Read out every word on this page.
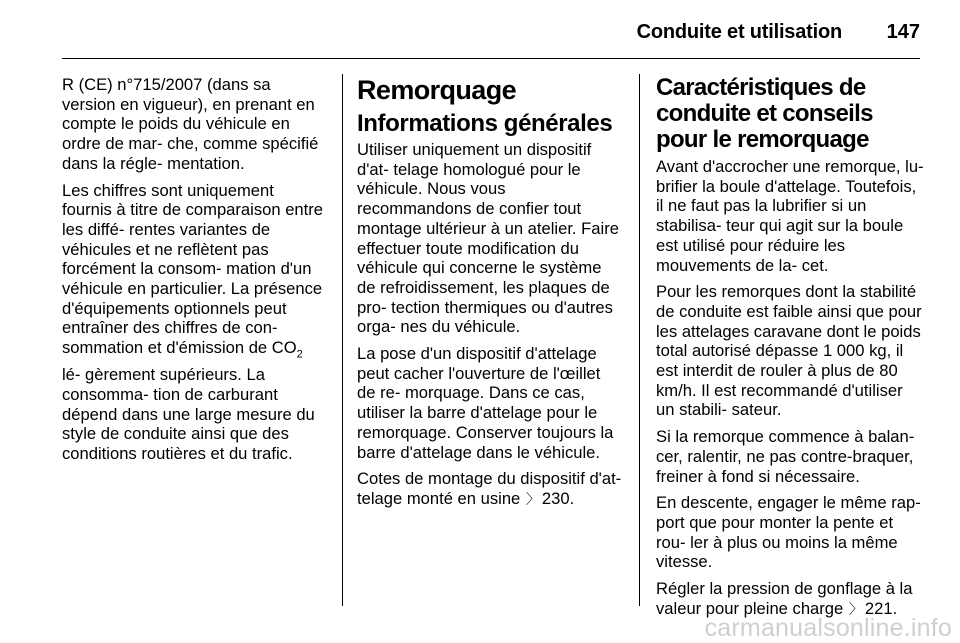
Conduite et utilisation 147

R (CE) n°715/2007 (dans sa version en vigueur), en prenant en compte le poids du véhicule en ordre de mar- che, comme spécifié dans la régle- mentation.

Les chiffres sont uniquement fournis à titre de comparaison entre les diffé- rentes variantes de véhicules et ne reflètent pas forcément la consom- mation d'un véhicule en particulier. La présence d'équipements optionnels peut entraîner des chiffres de con- sommation et d'émission de $CO_2$ lé- gèrement supérieurs. La consomma- tion de carburant dépend dans une large mesure du style de conduite ainsi que des conditions routières et du trafic.

Remorquage
Informations générales

Utiliser uniquement un dispositif d'at- telage homologué pour le véhicule. Nous vous recommandons de confier tout montage ultérieur à un atelier. Faire effectuer toute modification du véhicule qui concerne le système de refroidissement, les plaques de pro- tection thermiques ou d'autres orga- nes du véhicule.

La pose d'un dispositif d'attelage peut cacher l'ouverture de l'œillet de re- morquage. Dans ce cas, utiliser la barre d'attelage pour le remorquage. Conserver toujours la barre d'attelage dans le véhicule.

Cotes de montage du dispositif d'at- telage monté en usine 〉 230.

Caractéristiques de conduite et conseils pour le remorquage

Avant d'accrocher une remorque, lu- brifier la boule d'attelage. Toutefois, il ne faut pas la lubrifier si un stabilisa- teur qui agit sur la boule est utilisé pour réduire les mouvements de la- cet.

Pour les remorques dont la stabilité de conduite est faible ainsi que pour les attelages caravane dont le poids total autorisé dépasse 1 000 kg, il est interdit de rouler à plus de 80 km/h. Il est recommandé d'utiliser un stabili- sateur.

Si la remorque commence à balan- cer, ralentir, ne pas contre-braquer, freiner à fond si nécessaire.

En descente, engager le même rap- port que pour monter la pente et rou- ler à plus ou moins la même vitesse.

Régler la pression de gonflage à la valeur pour pleine charge 〉 221.

carmanualsonline.info
